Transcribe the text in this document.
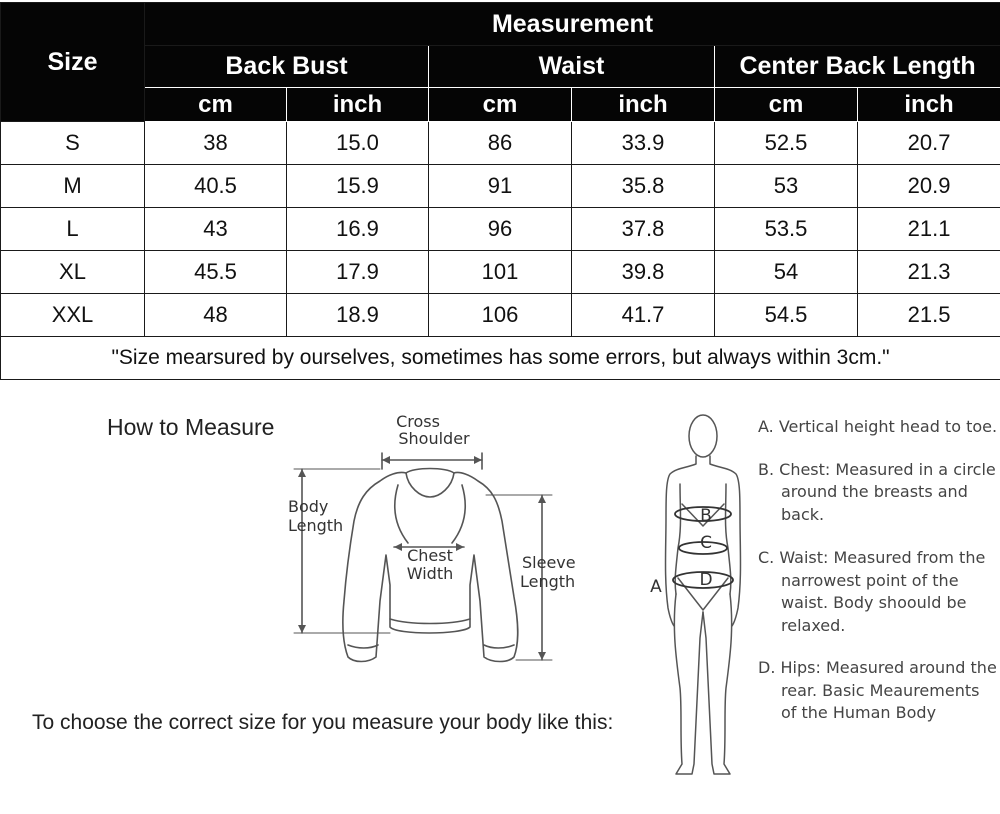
Size	Measurement					
	Back Bust		Waist		Center Back Length	
	cm	inch	cm	inch	cm	inch
S	38	15.0	86	33.9	52.5	20.7
M	40.5	15.9	91	35.8	53	20.9
L	43	16.9	96	37.8	53.5	21.1
XL	45.5	17.9	101	39.8	54	21.3
XXL	48	18.9	106	41.7	54.5	21.5
"Size mearsured by ourselves, sometimes has some errors, but always within 3cm."						
How to Measure	Cross
Shoulder
Body
Length
Chest
Width
Sleeve
Length
To choose the correct size for you measure your body like this:
B
C
D
A
A. Vertical height head to toe.
B. Chest: Measured in a circle around the breasts and back.
C. Waist: Measured from the narrowest point of the waist. Body shoould be relaxed.
D. Hips: Measured around the rear. Basic Meaurements of the Human Body
